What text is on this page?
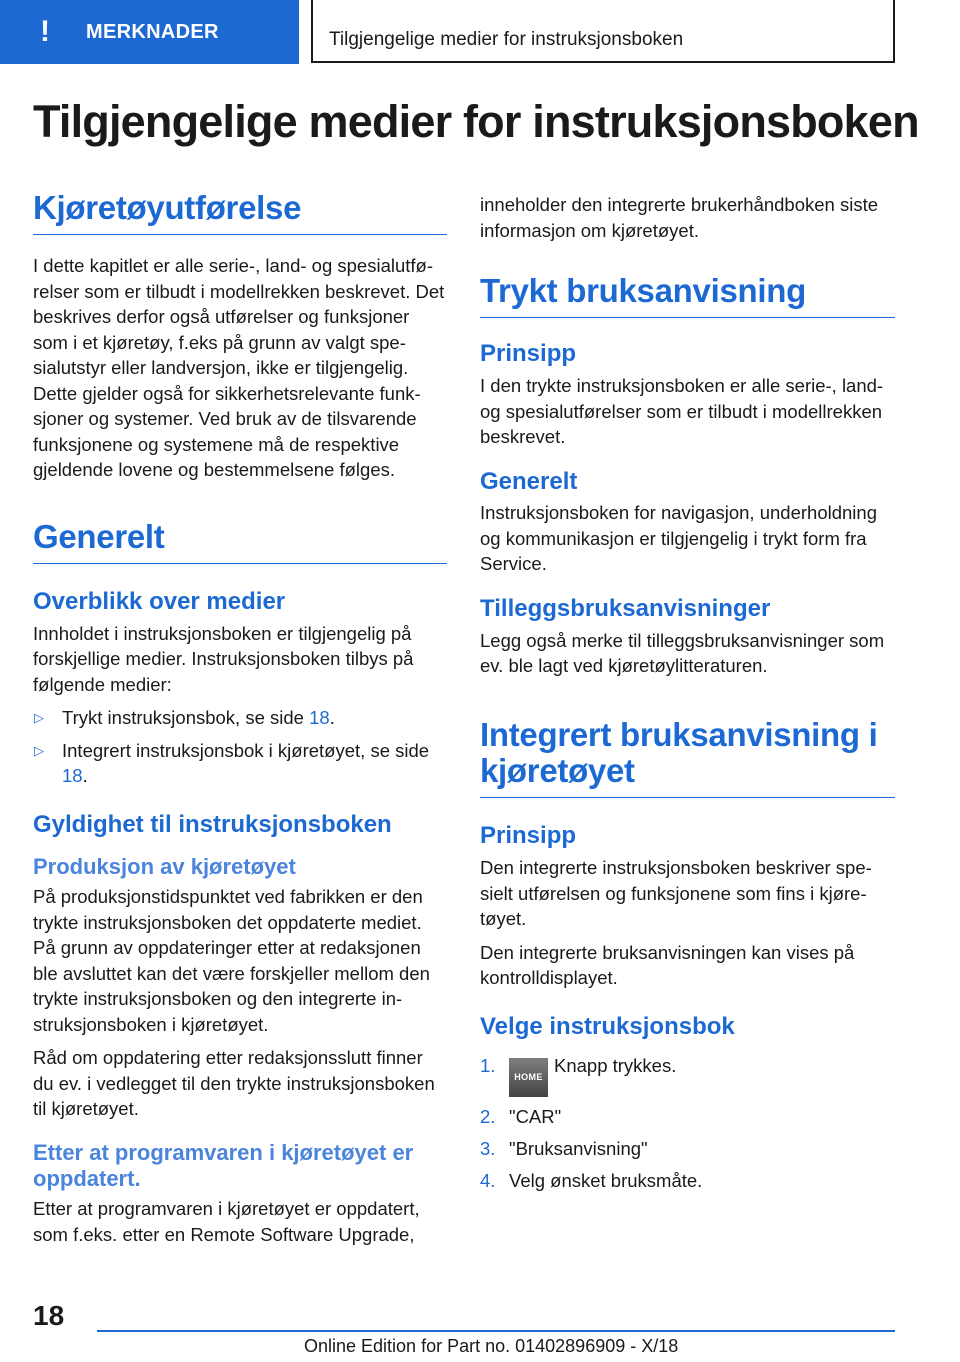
! MERKNADER	Tilgjengelige medier for instruksjonsboken
Tilgjengelige medier for instruksjonsboken
Kjøretøyutførelse

I dette kapitlet er alle serie-, land- og spesialutførelser som er tilbudt i modellrekken beskrevet. Det beskrives derfor også utførelser og funksjoner som i et kjøretøy, f.eks på grunn av valgt spesialutstyr eller landversjon, ikke er tilgjengelig. Dette gjelder også for sikkerhetsrelevante funksjoner og systemer. Ved bruk av de tilsvarende funksjonene og systemene må de respektive gjeldende lovene og bestemmelsene følges.

Generelt
Overblikk over medier

Innholdet i instruksjonsboken er tilgjengelig på forskjellige medier. Instruksjonsboken tilbys på følgende medier:

▷ Trykt instruksjonsbok, se side 18.
▷ Integrert instruksjonsbok i kjøretøyet, se side 18.
Gyldighet til instruksjonsboken
Produksjon av kjøretøyet

På produksjonstidspunktet ved fabrikken er den trykte instruksjonsboken det oppdaterte mediet. På grunn av oppdateringer etter at redaksjonen ble avsluttet kan det være forskjeller mellom den trykte instruksjonsboken og den integrerte instruksjonsboken i kjøretøyet.

Råd om oppdatering etter redaksjonsslutt finner du ev. i vedlegget til den trykte instruksjonsboken til kjøretøyet.

Etter at programvaren i kjøretøyet er oppdatert.

Etter at programvaren i kjøretøyet er oppdatert, som f.eks. etter en Remote Software Upgrade,

inneholder den integrerte brukerhåndboken siste informasjon om kjøretøyet.

Trykt bruksanvisning
Prinsipp

I den trykte instruksjonsboken er alle serie-, land- og spesialutførelser som er tilbudt i modellrekken beskrevet.

Generelt

Instruksjonsboken for navigasjon, underholdning og kommunikasjon er tilgjengelig i trykt form fra Service.

Tilleggsbruksanvisninger

Legg også merke til tilleggsbruksanvisninger som ev. ble lagt ved kjøretøylitteraturen.

Integrert bruksanvisning i kjøretøyet
Prinsipp

Den integrerte instruksjonsboken beskriver spesielt utførelsen og funksjonene som fins i kjøretøyet.

Den integrerte bruksanvisningen kan vises på kontrolldisplayet.

Velge instruksjonsbok
1.
HOMEKnapp trykkes.
2. "CAR"
3. "Bruksanvisning"
4. Velg ønsket bruksmåte.
18
Online Edition for Part no. 01402896909 - X/18
